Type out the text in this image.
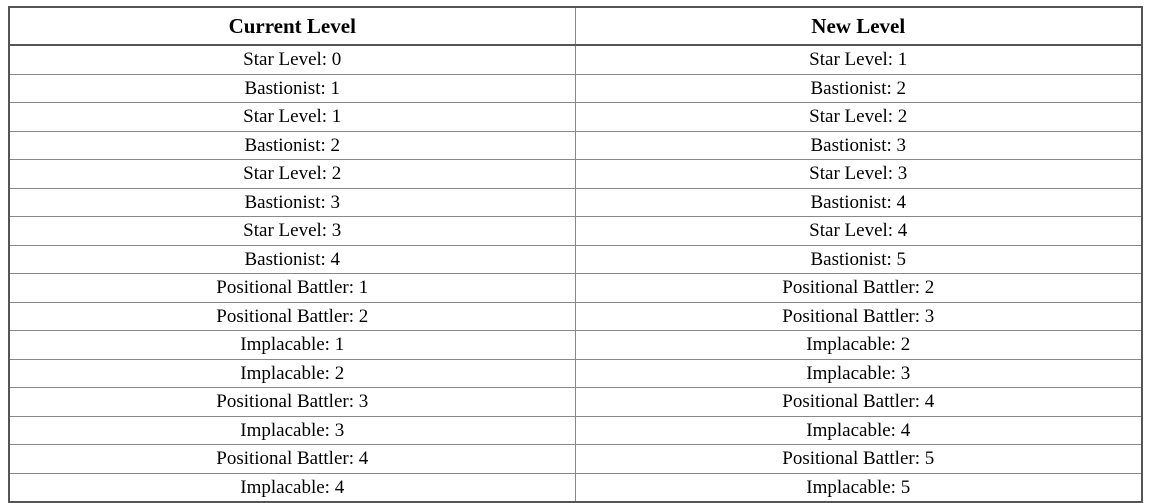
Current Level	New Level
Star Level: 0	Star Level: 1
Bastionist: 1	Bastionist: 2
Star Level: 1	Star Level: 2
Bastionist: 2	Bastionist: 3
Star Level: 2	Star Level: 3
Bastionist: 3	Bastionist: 4
Star Level: 3	Star Level: 4
Bastionist: 4	Bastionist: 5
Positional Battler: 1	Positional Battler: 2
Positional Battler: 2	Positional Battler: 3
Implacable: 1	Implacable: 2
Implacable: 2	Implacable: 3
Positional Battler: 3	Positional Battler: 4
Implacable: 3	Implacable: 4
Positional Battler: 4	Positional Battler: 5
Implacable: 4	Implacable: 5
